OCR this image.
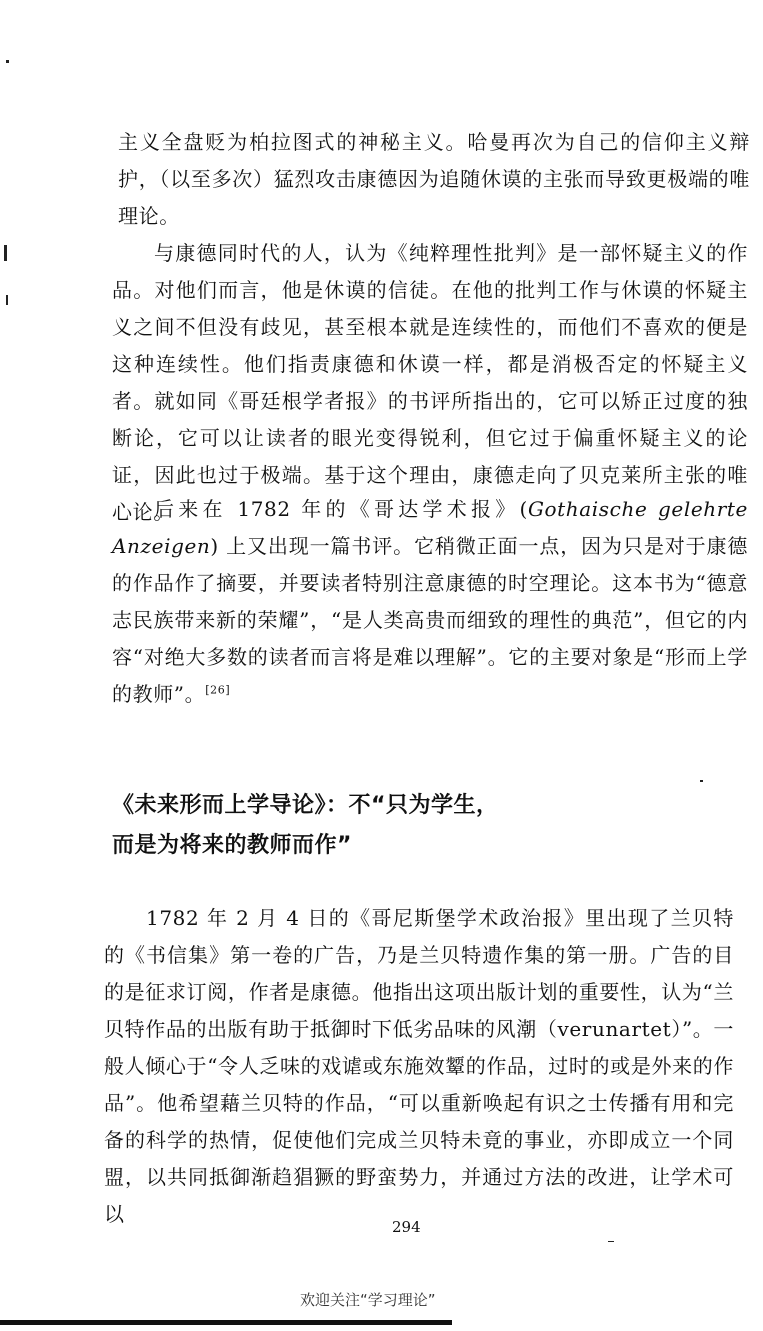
主义全盘贬为柏拉图式的神秘主义。哈曼再次为自己的信仰主义辩护，（以至多次）猛烈攻击康德因为追随休谟的主张而导致更极端的唯理论。

与康德同时代的人，认为《纯粹理性批判》是一部怀疑主义的作品。对他们而言，他是休谟的信徒。在他的批判工作与休谟的怀疑主义之间不但没有歧见，甚至根本就是连续性的，而他们不喜欢的便是这种连续性。他们指责康德和休谟一样，都是消极否定的怀疑主义者。就如同《哥廷根学者报》的书评所指出的，它可以矫正过度的独断论，它可以让读者的眼光变得锐利，但它过于偏重怀疑主义的论证，因此也过于极端。基于这个理由，康德走向了贝克莱所主张的唯心论。

后来在 1782 年的《哥达学术报》(Gothaische gelehrte Anzeigen) 上又出现一篇书评。它稍微正面一点，因为只是对于康德的作品作了摘要，并要读者特别注意康德的时空理论。这本书为“德意志民族带来新的荣耀”，“是人类高贵而细致的理性的典范”，但它的内容“对绝大多数的读者而言将是难以理解”。它的主要对象是“形而上学的教师”。[26]

《未来形而上学导论》：不“只为学生，
而是为将来的教师而作”

1782 年 2 月 4 日的《哥尼斯堡学术政治报》里出现了兰贝特的《书信集》第一卷的广告，乃是兰贝特遗作集的第一册。广告的目的是征求订阅，作者是康德。他指出这项出版计划的重要性，认为“兰贝特作品的出版有助于抵御时下低劣品味的风潮（verunartet）”。一般人倾心于“令人乏味的戏谑或东施效颦的作品，过时的或是外来的作品”。他希望藉兰贝特的作品，“可以重新唤起有识之士传播有用和完备的科学的热情，促使他们完成兰贝特未竟的事业，亦即成立一个同盟，以共同抵御渐趋猖獗的野蛮势力，并通过方法的改进，让学术可以

294

欢迎关注“学习理论”
